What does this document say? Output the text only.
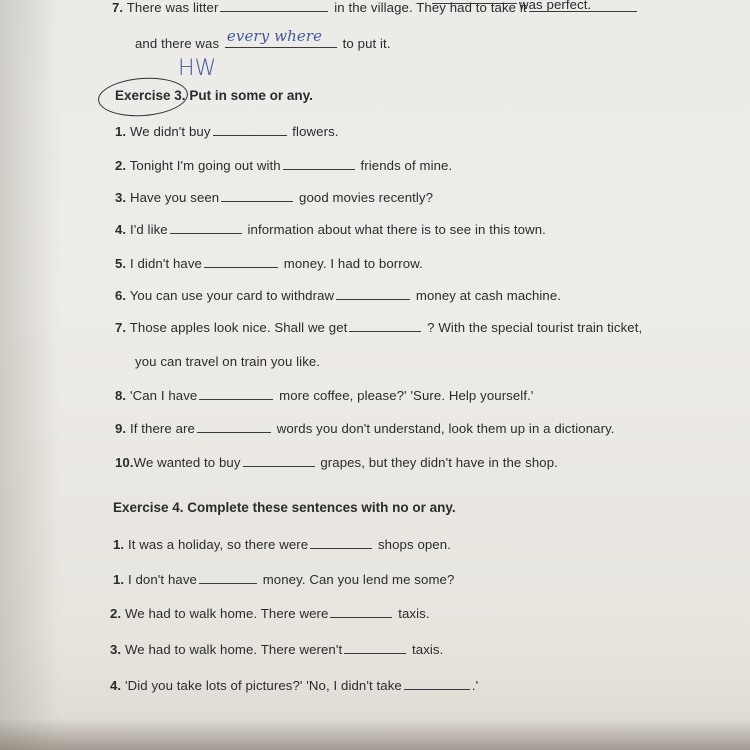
was perfect.
7. There was litter	in the village. They had to take it
and there was every where to put it.
HW
Exercise 3. Put in some or any.
1. We didn't buy	flowers.
2. Tonight I'm going out with	friends of mine.
3. Have you seen	good movies recently?
4. I'd like	information about what there is to see in this town.
5. I didn't have	money. I had to borrow.
6. You can use your card to withdraw	money at cash machine.
7. Those apples look nice. Shall we get	? With the special tourist train ticket,
you can travel on train you like.
8. 'Can I have	more coffee, please?' 'Sure. Help yourself.'
9. If there are	words you don't understand, look them up in a dictionary.
10.We wanted to buy	grapes, but they didn't have in the shop.
Exercise 4. Complete these sentences with no or any.
1. It was a holiday, so there were	shops open.
1. I don't have	money. Can you lend me some?
2. We had to walk home. There were	taxis.
3. We had to walk home. There weren't	taxis.
4. 'Did you take lots of pictures?' 'No, I didn't take	.'
